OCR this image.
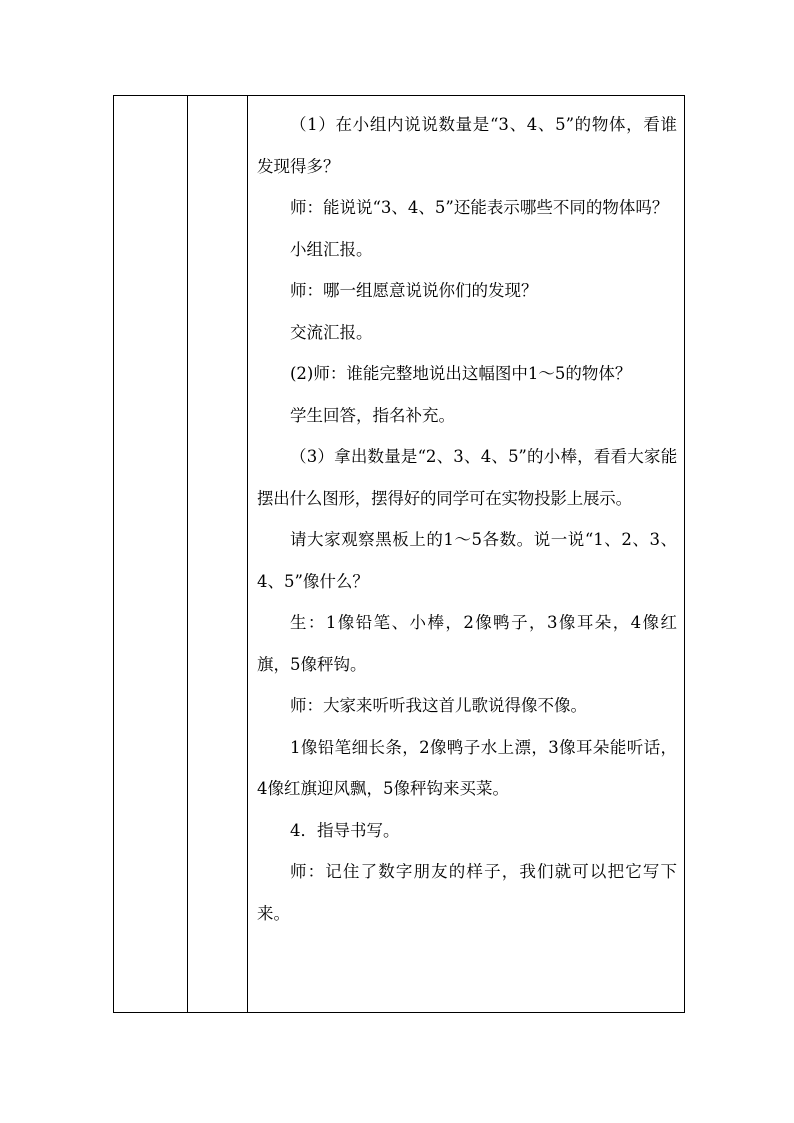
（1）在小组内说说数量是“3、4、5”的物体，看谁发现得多？

师：能说说“3、4、5”还能表示哪些不同的物体吗？

小组汇报。

师：哪一组愿意说说你们的发现？

交流汇报。

(2)师：谁能完整地说出这幅图中1～5的物体？

学生回答，指名补充。

（3）拿出数量是“2、3、4、5”的小棒，看看大家能摆出什么图形，摆得好的同学可在实物投影上展示。

请大家观察黑板上的1～5各数。说一说“1、2、3、4、5”像什么？

生：1像铅笔、小棒，2像鸭子，3像耳朵，4像红旗，5像秤钩。

师：大家来听听我这首儿歌说得像不像。

1像铅笔细长条，2像鸭子水上漂，3像耳朵能听话，4像红旗迎风飘，5像秤钩来买菜。

4．指导书写。

师：记住了数字朋友的样子，我们就可以把它写下来。
